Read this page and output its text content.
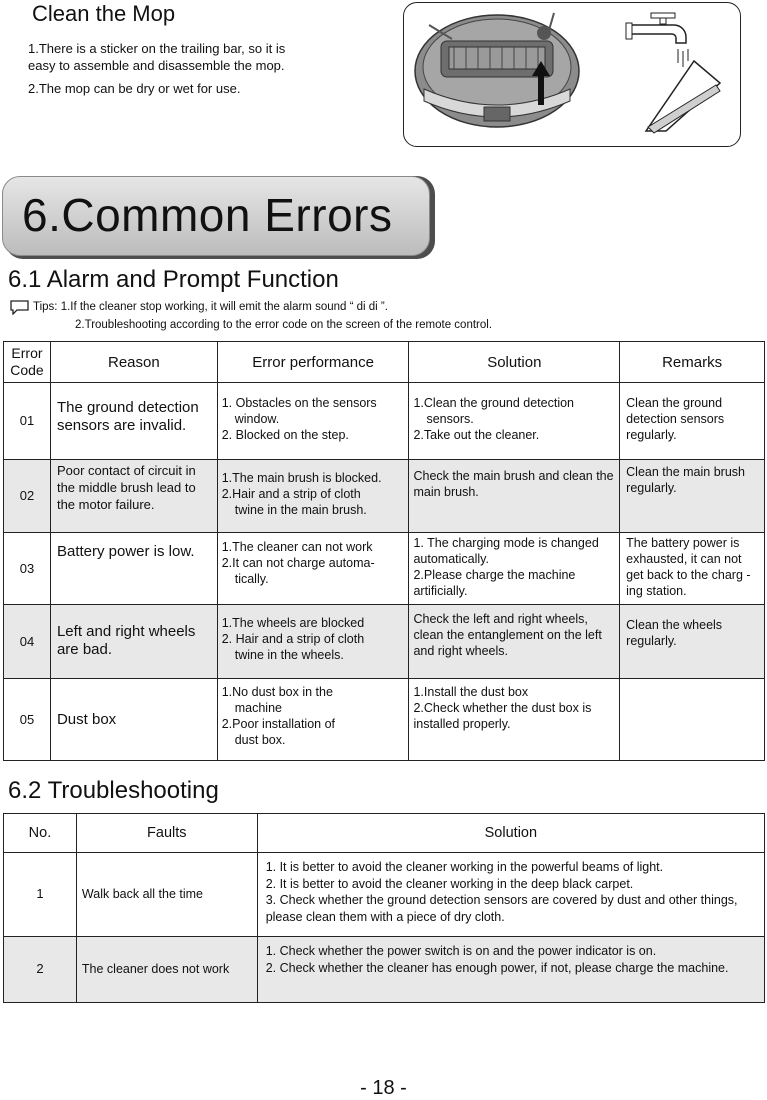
Clean the Mop
1.There is a sticker on the trailing bar, so it is
easy to assemble and disassemble the mop.
2.The mop can be dry or wet for use.
6.Common Errors
6.1 Alarm and Prompt Function
Tips: 1.If the cleaner stop working, it will emit the alarm sound “ di di ”.
2.Troubleshooting according to the error code on the screen of the remote control.
Error
Code	Reason	Error performance	Solution	Remarks
01	The ground detection sensors are invalid.	1. Obstacles on the sensors
window.
2. Blocked on the step.	1.Clean the ground detection
sensors.
2.Take out the cleaner.	Clean the ground detection sensors regularly.
02	Poor contact of circuit in the middle brush lead to the motor failure.	1.The main brush is blocked.
2.Hair and a strip of cloth
twine in the main brush.	Check the main brush and clean the main brush.	Clean the main brush regularly.
03	Battery power is low.	1.The cleaner can not work
2.It can not charge automa-
tically.	1. The charging mode is changed automatically.
2.Please charge the machine artificially.	The battery power is exhausted, it can not get back to the charg -ing station.
04	Left and right wheels are bad.	1.The wheels are blocked
2. Hair and a strip of cloth
twine in the wheels.	Check the left and right wheels, clean the entanglement on the left and right wheels.	Clean the wheels regularly.
05	Dust box	1.No dust box in the
machine
2.Poor installation of
dust box.	1.Install the dust box
2.Check whether the dust box is installed properly.	

6.2 Troubleshooting
No.	Faults	Solution
1	Walk back all the time	1. It is better to avoid the cleaner working in the powerful beams of light.
2. It is better to avoid the cleaner working in the deep black carpet.
3. Check whether the ground detection sensors are covered by dust and other things, please clean them with a piece of dry cloth.

2	The cleaner does not work	1. Check whether the power switch is on and the power indicator is on.
2. Check whether the cleaner has enough power, if not, please charge the machine.
- 18 -
